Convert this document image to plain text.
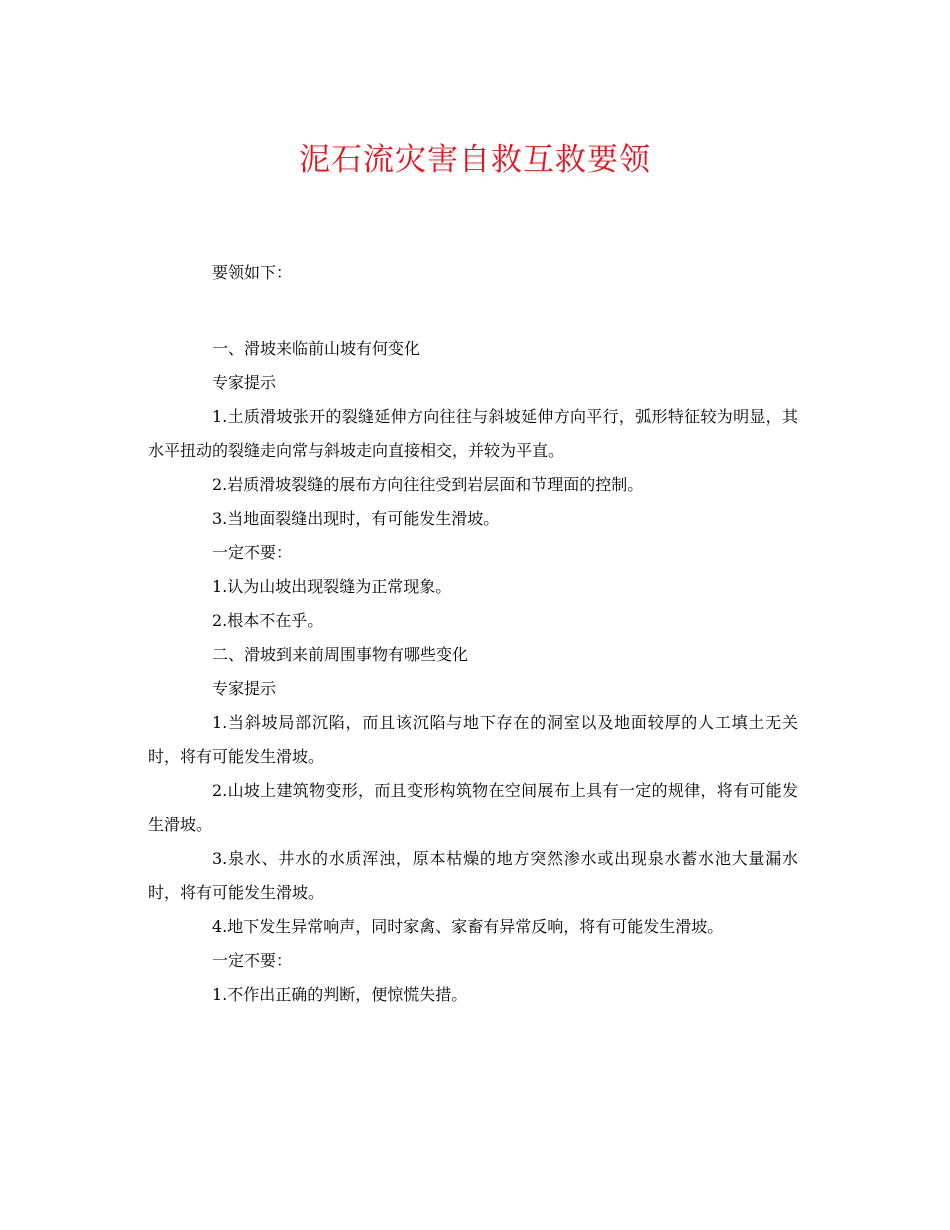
泥石流灾害自救互救要领

要领如下：

一、滑坡来临前山坡有何变化

专家提示

1.土质滑坡张开的裂缝延伸方向往往与斜坡延伸方向平行，弧形特征较为明显，其水平扭动的裂缝走向常与斜坡走向直接相交，并较为平直。

2.岩质滑坡裂缝的展布方向往往受到岩层面和节理面的控制。

3.当地面裂缝出现时，有可能发生滑坡。

一定不要：

1.认为山坡出现裂缝为正常现象。

2.根本不在乎。

二、滑坡到来前周围事物有哪些变化

专家提示

1.当斜坡局部沉陷，而且该沉陷与地下存在的洞室以及地面较厚的人工填土无关时，将有可能发生滑坡。

2.山坡上建筑物变形，而且变形构筑物在空间展布上具有一定的规律，将有可能发生滑坡。

3.泉水、井水的水质浑浊，原本枯燥的地方突然渗水或出现泉水蓄水池大量漏水时，将有可能发生滑坡。

4.地下发生异常响声，同时家禽、家畜有异常反响，将有可能发生滑坡。

一定不要：

1.不作出正确的判断，便惊慌失措。
